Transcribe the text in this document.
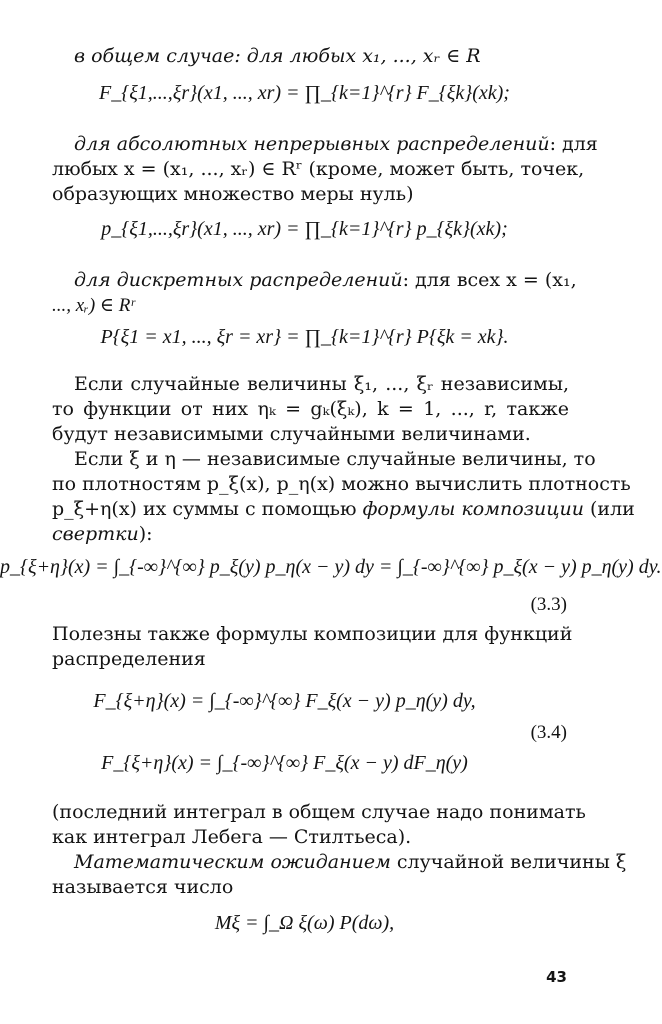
в общем случае: для любых x₁, ..., xᵣ ∈ R
F_{ξ1,...,ξr}(x1, ..., xr) = ∏_{k=1}^{r} F_{ξk}(xk);
для абсолютных непрерывных распределений: для
любых x = (x₁, ..., xᵣ) ∈ Rʳ (кроме, может быть, точек,
образующих множество меры нуль)
p_{ξ1,...,ξr}(x1, ..., xr) = ∏_{k=1}^{r} p_{ξk}(xk);
для дискретных распределений: для всех x = (x₁,
..., xᵣ) ∈ Rʳ
P{ξ1 = x1, ..., ξr = xr} = ∏_{k=1}^{r} P{ξk = xk}.
Если случайные величины ξ₁, ..., ξᵣ независимы,
то функции от них ηₖ = gₖ(ξₖ), k = 1, ..., r, также
будут независимыми случайными величинами.
Если ξ и η — независимые случайные величины, то
по плотностям p_ξ(x), p_η(x) можно вычислить плотность
p_ξ+η(x) их суммы с помощью формулы композиции (или
свертки):
p_{ξ+η}(x) = ∫_{-∞}^{∞} p_ξ(y) p_η(x − y) dy = ∫_{-∞}^{∞} p_ξ(x − y) p_η(y) dy.
(3.3)
Полезны также формулы композиции для функций
распределения
F_{ξ+η}(x) = ∫_{-∞}^{∞} F_ξ(x − y) p_η(y) dy,
(3.4)
F_{ξ+η}(x) = ∫_{-∞}^{∞} F_ξ(x − y) dF_η(y)
(последний интеграл в общем случае надо понимать
как интеграл Лебега — Стилтьеса).
Математическим ожиданием случайной величины ξ
называется число
Mξ = ∫_Ω ξ(ω) P(dω),
43
